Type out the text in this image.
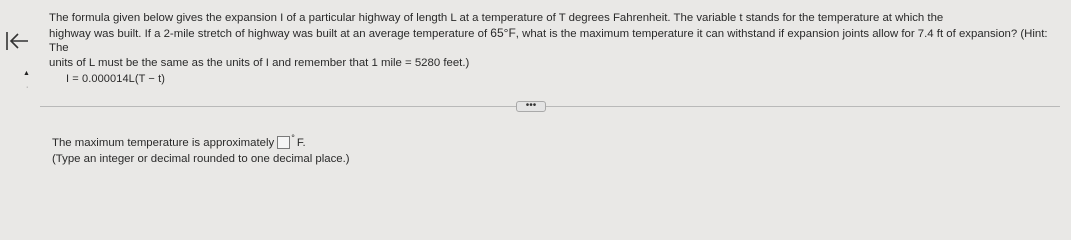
The formula given below gives the expansion I of a particular highway of length L at a temperature of T degrees Fahrenheit. The variable t stands for the temperature at which the
highway was built. If a 2-mile stretch of highway was built at an average temperature of 65°F, what is the maximum temperature it can withstand if expansion joints allow for 7.4 ft of expansion? (Hint: The
units of L must be the same as the units of I and remember that 1 mile = 5280 feet.)
▲
·
I = 0.000014L(T − t)
•••
The maximum temperature is approximately ° F.
(Type an integer or decimal rounded to one decimal place.)
